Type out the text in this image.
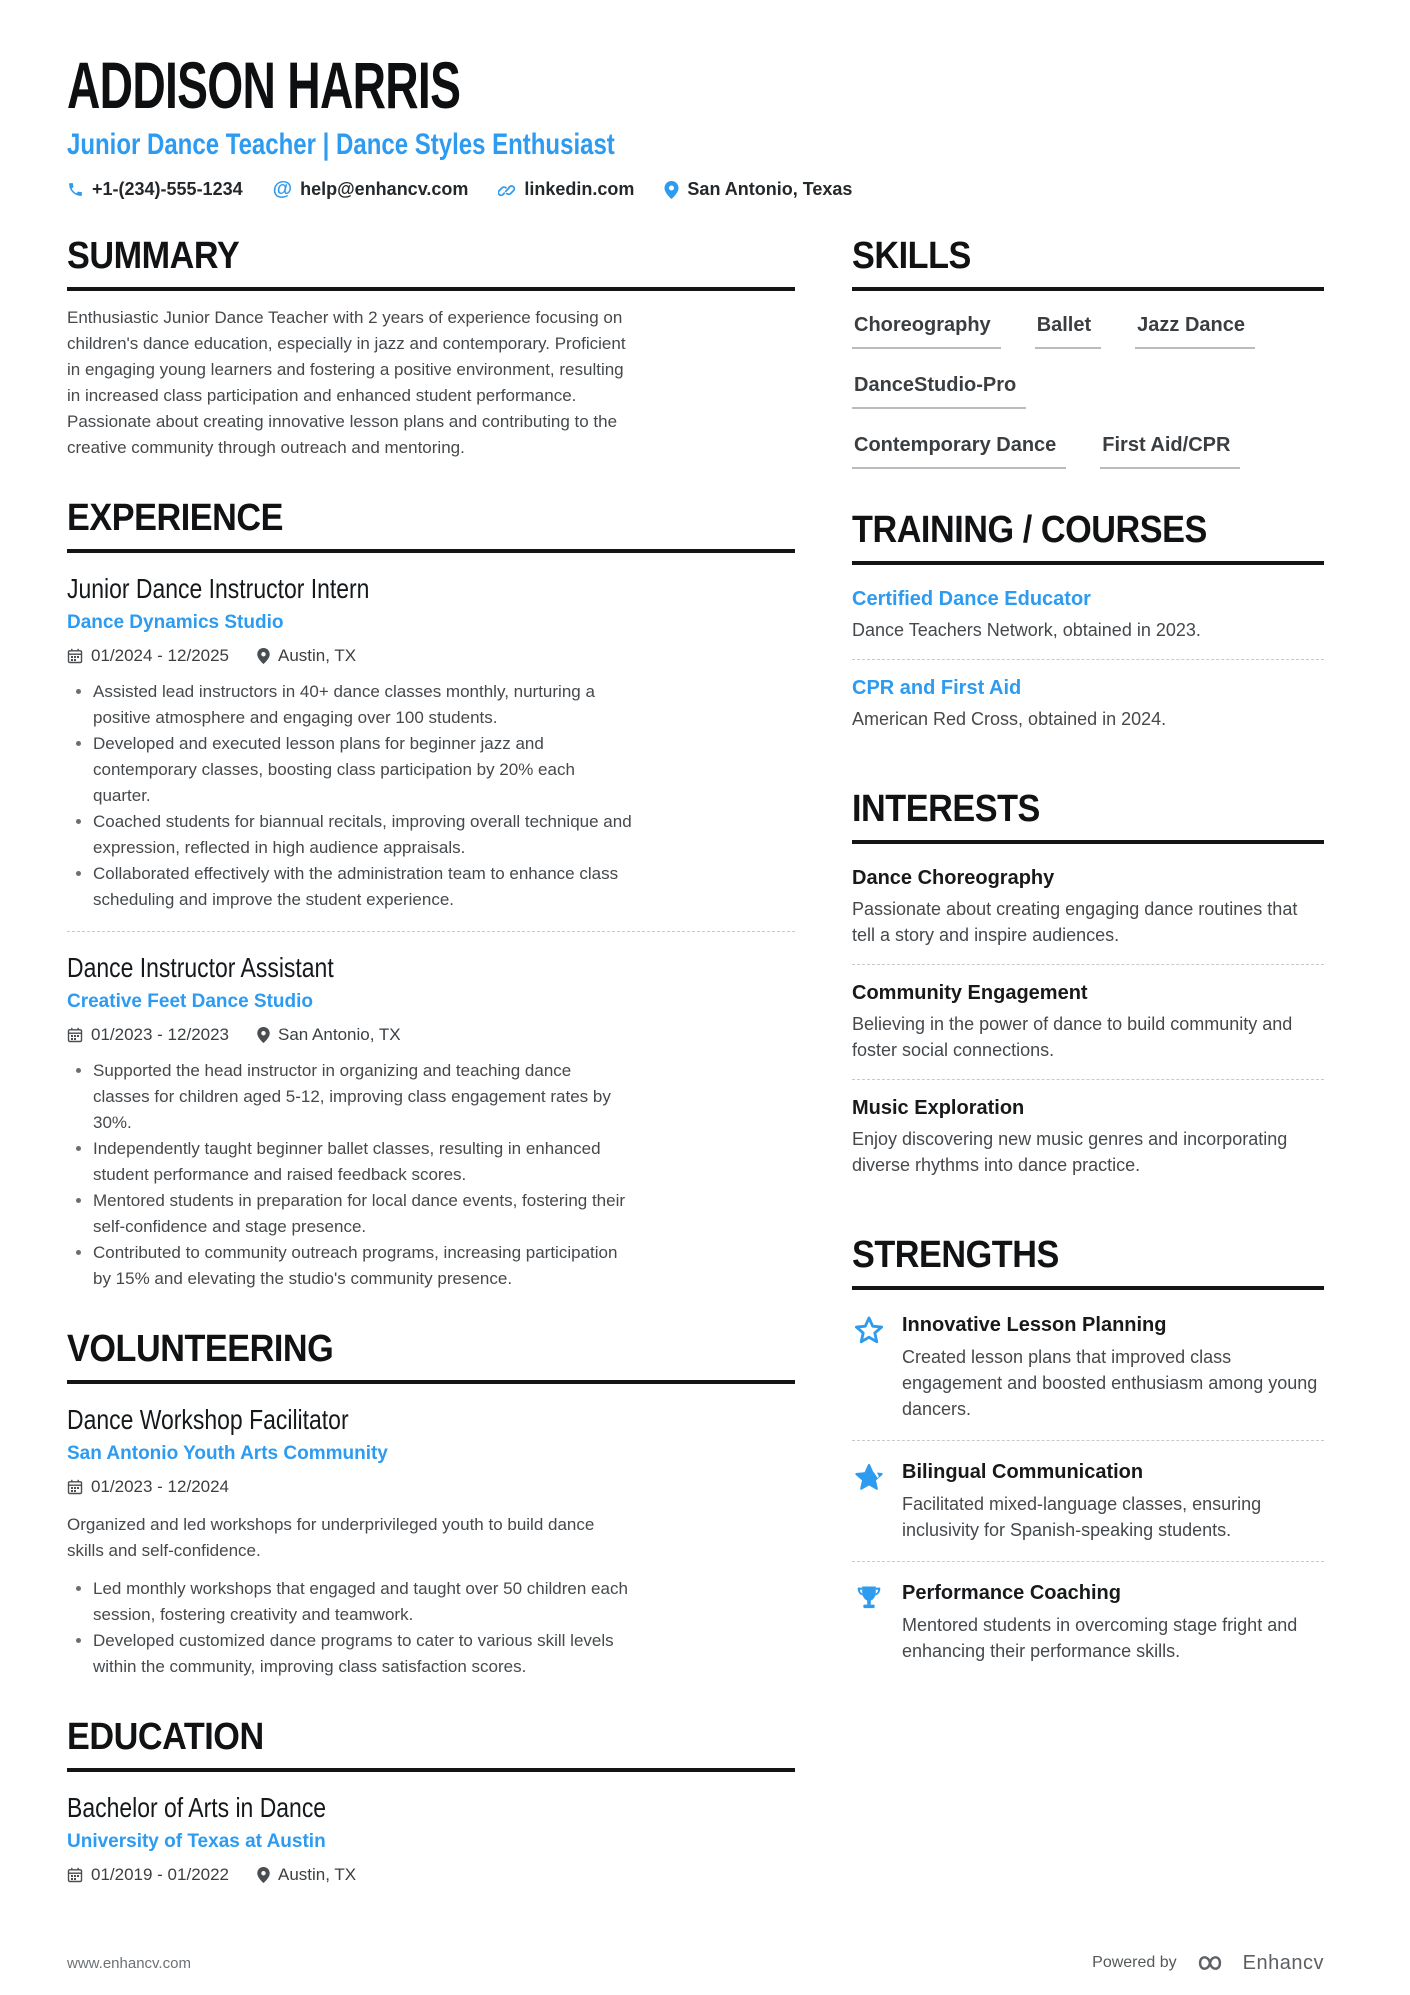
ADDISON HARRIS
Junior Dance Teacher | Dance Styles Enthusiast
+1-(234)-555-1234 @ help@enhancv.com	linkedin.com	San Antonio, Texas
SUMMARY

Enthusiastic Junior Dance Teacher with 2 years of experience focusing on children's dance education, especially in jazz and contemporary. Proficient in engaging young learners and fostering a positive environment, resulting in increased class participation and enhanced student performance. Passionate about creating innovative lesson plans and contributing to the creative community through outreach and mentoring.

EXPERIENCE
Junior Dance Instructor Intern
Dance Dynamics Studio
01/2024 - 12/2025	Austin, TX
• Assisted lead instructors in 40+ dance classes monthly, nurturing a positive atmosphere and engaging over 100 students.
• Developed and executed lesson plans for beginner jazz and contemporary classes, boosting class participation by 20% each quarter.
• Coached students for biannual recitals, improving overall technique and expression, reflected in high audience appraisals.
• Collaborated effectively with the administration team to enhance class scheduling and improve the student experience.
Dance Instructor Assistant
Creative Feet Dance Studio
01/2023 - 12/2023	San Antonio, TX
• Supported the head instructor in organizing and teaching dance classes for children aged 5-12, improving class engagement rates by 30%.
• Independently taught beginner ballet classes, resulting in enhanced student performance and raised feedback scores.
• Mentored students in preparation for local dance events, fostering their self-confidence and stage presence.
• Contributed to community outreach programs, increasing participation by 15% and elevating the studio's community presence.
VOLUNTEERING
Dance Workshop Facilitator
San Antonio Youth Arts Community
01/2023 - 12/2024

Organized and led workshops for underprivileged youth to build dance skills and self-confidence.

• Led monthly workshops that engaged and taught over 50 children each session, fostering creativity and teamwork.
• Developed customized dance programs to cater to various skill levels within the community, improving class satisfaction scores.
EDUCATION
Bachelor of Arts in Dance
University of Texas at Austin
01/2019 - 01/2022	Austin, TX
SKILLS
Choreography	Ballet	Jazz Dance
DanceStudio-Pro
Contemporary Dance	First Aid/CPR
TRAINING / COURSES
Certified Dance Educator
Dance Teachers Network, obtained in 2023.
CPR and First Aid
American Red Cross, obtained in 2024.
INTERESTS
Dance Choreography
Passionate about creating engaging dance routines that tell a story and inspire audiences.
Community Engagement
Believing in the power of dance to build community and foster social connections.
Music Exploration
Enjoy discovering new music genres and incorporating diverse rhythms into dance practice.
STRENGTHS
Innovative Lesson Planning
Created lesson plans that improved class engagement and boosted enthusiasm among young dancers.
Bilingual Communication
Facilitated mixed-language classes, ensuring inclusivity for Spanish-speaking students.
Performance Coaching
Mentored students in overcoming stage fright and enhancing their performance skills.
www.enhancv.com	Powered by	Enhancv
